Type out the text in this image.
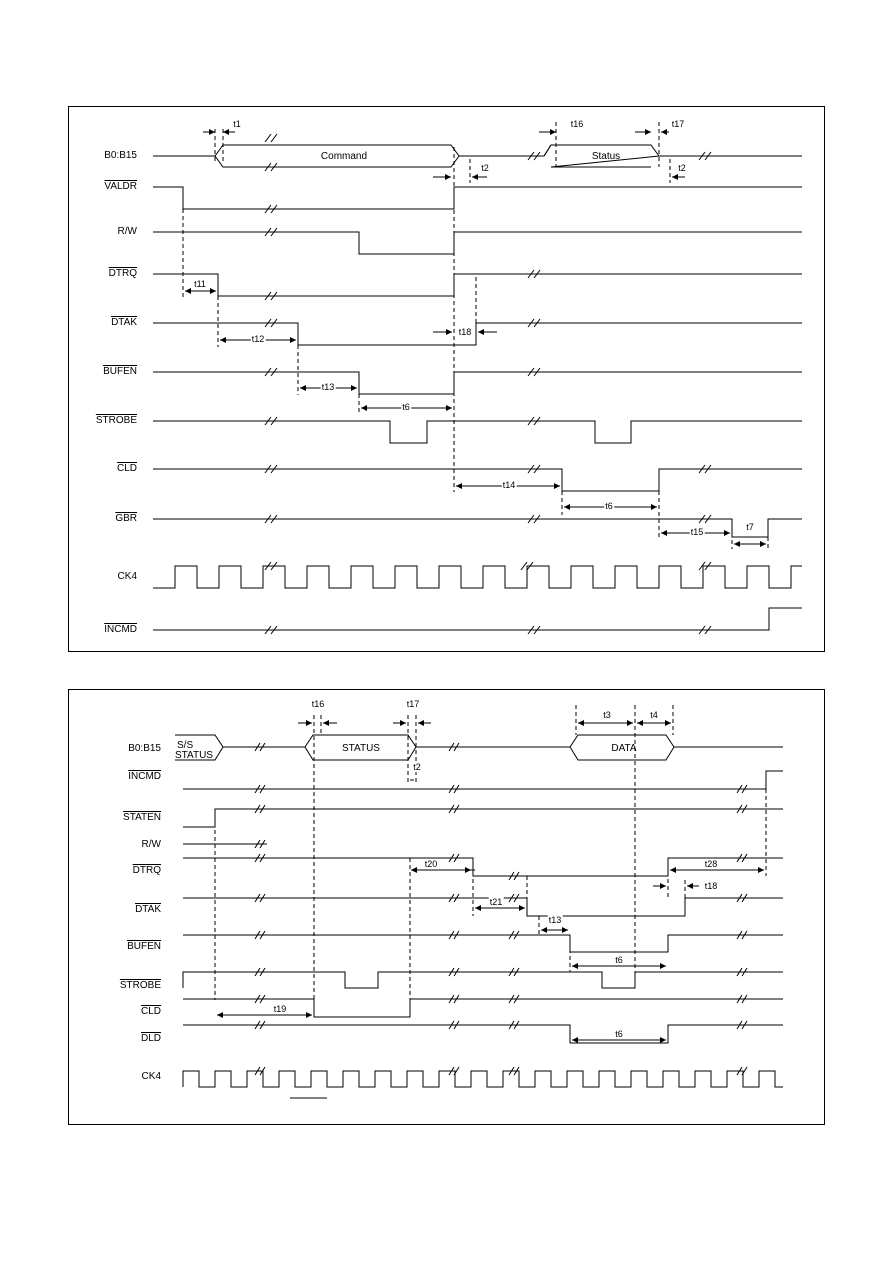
B0:B15
VALDR
R/W
DTRQ
DTAK
BUFEN
STROBE
$\overline{CLD}$
$\overline{GBR}$
CK4
INCMD
Command	Status
t1	t16	t17
t2	t2
t11
t12
t18
t13
t6
t14
t6
t15	t7
B0:B15
INCMD
STATEN
R/W
DTRQ
DTAK
BUFEN
STROBE
$\overline{CLD}$
$\overline{DLD}$
CK4
S/S
STATUS
STATUS	DATA
t16	t17
t3	t4
t2
t20	t28
t18
t21
t13
t6
t19
t6
